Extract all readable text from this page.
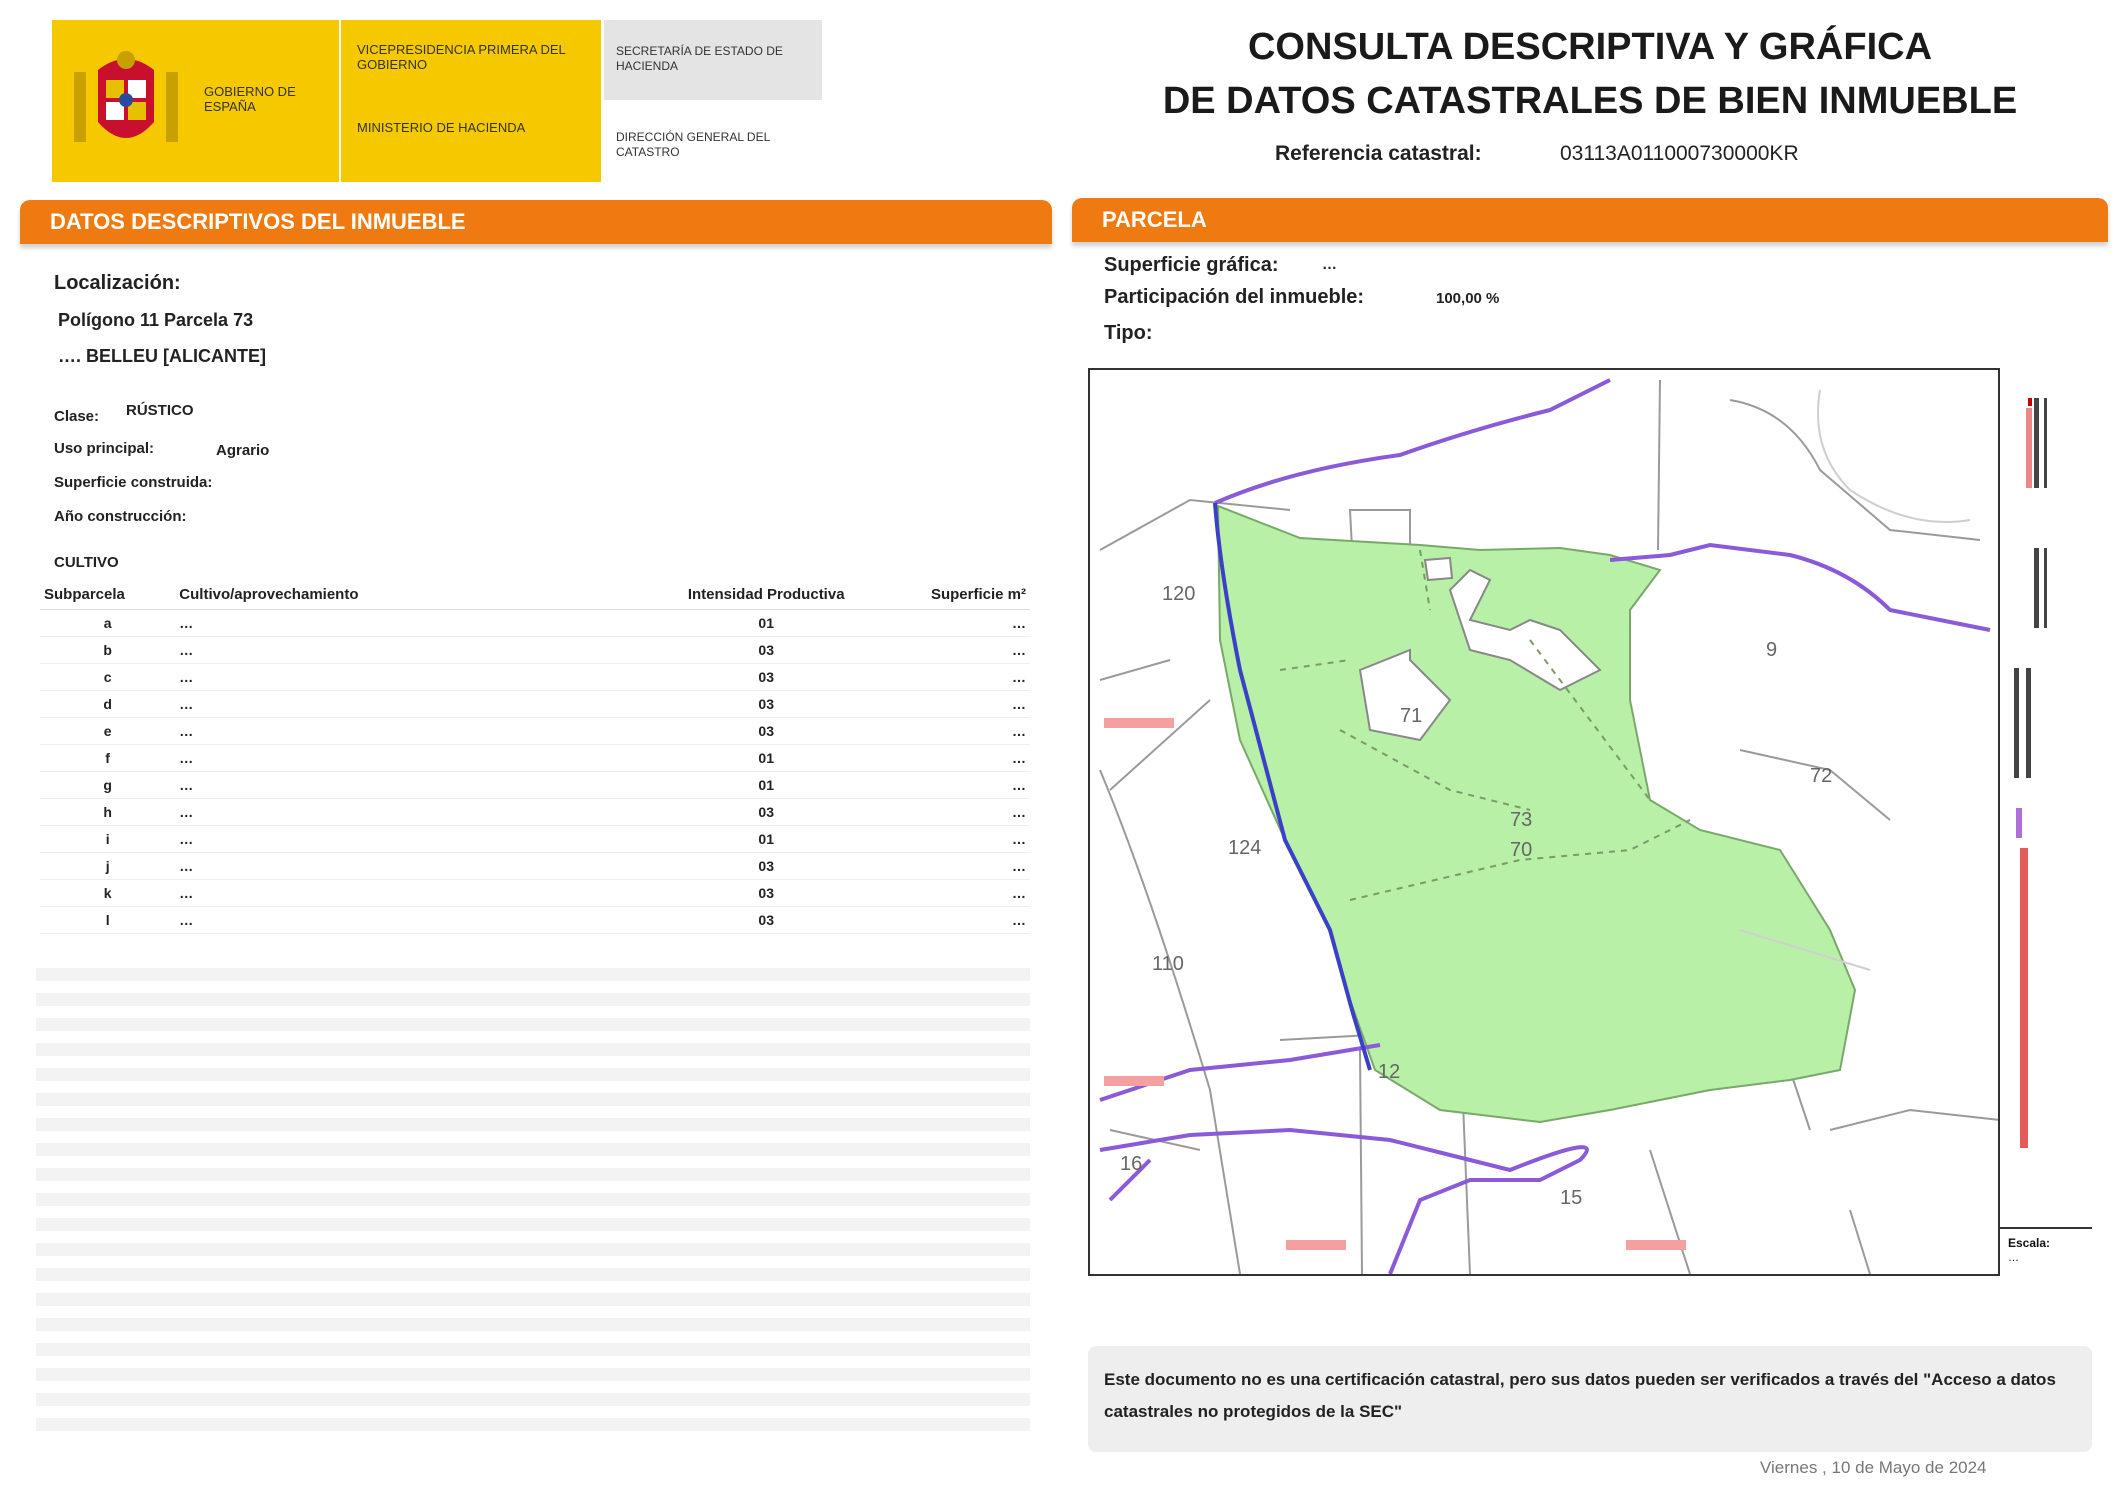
GOBIERNO DE ESPAÑA
VICEPRESIDENCIA PRIMERA DEL GOBIERNO
MINISTERIO DE HACIENDA
SECRETARÍA DE ESTADO DE HACIENDA
DIRECCIÓN GENERAL DEL CATASTRO
CONSULTA DESCRIPTIVA Y GRÁFICA
DE DATOS CATASTRALES DE BIEN INMUEBLE
Referencia catastral:	03113A011000730000KR
DATOS DESCRIPTIVOS DEL INMUEBLE
Localización:
Polígono 11 Parcela 73
…. BELLEU [ALICANTE]
Clase: RÚSTICO
Uso principal:	Agrario
Superficie construida:
Año construcción:
CULTIVO
Subparcela	Cultivo/aprovechamiento	Intensidad Productiva	Superficie m²
a	…	01	…
b	…	03	…
c	…	03	…
d	…	03	…
e	…	03	…
f	…	01	…
g	…	01	…
h	…	03	…
i	…	01	…
j	…	03	…
k	…	03	…
l	…	03	…
PARCELA
Superficie gráfica:	…
Participación del inmueble:	100,00 %
Tipo:
120
9
73
71
70
72
124
110
12
15
16
Escala:
…
Este documento no es una certificación catastral, pero sus datos pueden ser verificados a través del "Acceso a datos catastrales no protegidos de la SEC"
Viernes , 10 de Mayo de 2024
